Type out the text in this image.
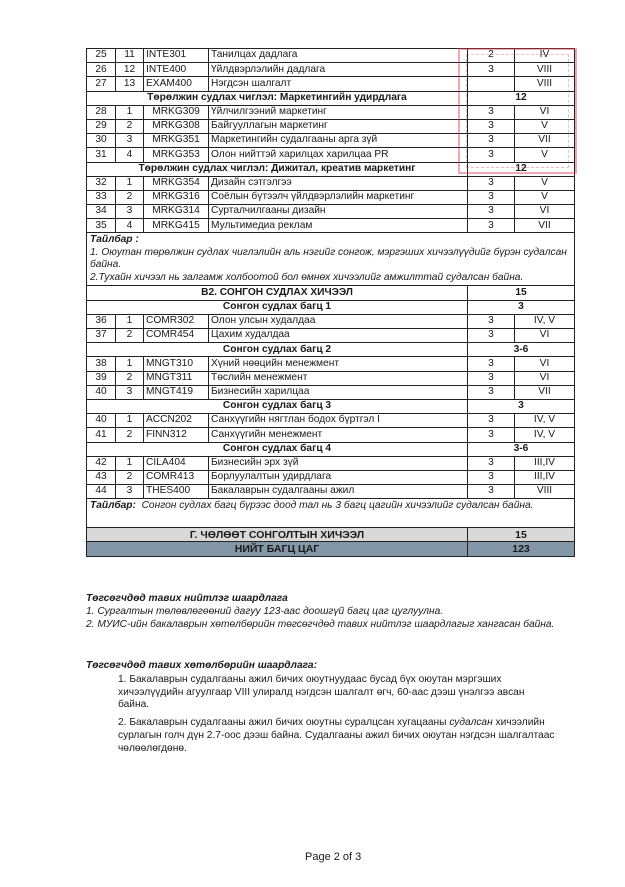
25	11	INTE301	Танилцах дадлага	2	IV
26	12	INTE400	Үйлдвэрлэлийн дадлага	3	VIII
27	13	EXAM400	Нэгдсэн шалгалт		VIII
Төрөлжин судлах чиглэл: Маркетингийн удирдлага				12	
28	1	MRKG309	Үйлчилгээний маркетинг	3	VI
29	2	MRKG308	Байгууллагын маркетинг	3	V
30	3	MRKG351	Маркетингийн судалгааны арга зүй	3	VII
31	4	MRKG353	Олон нийттэй харилцах харилцаа PR	3	V
Төрөлжин судлах чиглэл: Дижитал, креатив маркетинг				12	
32	1	MRKG354	Дизайн сэтгэлгээ	3	V
33	2	MRKG316	Соёлын бүтээлч үйлдвэрлэлийн маркетинг	3	V
34	3	MRKG314	Сурталчилгааны дизайн	3	VI
35	4	MRKG415	Мультимедиа реклам	3	VII
Тайлбар :
1. Оюутан төрөлжин судлах чиглэлийн аль нэгийг сонгож, мэргэших хичээлүүдийг бүрэн судалсан байна.
2.Тухайн хичээл нь залгамж холбоотой бол өмнөх хичээлийг амжилттай судалсан байна.					
В2. СОНГОН СУДЛАХ ХИЧЭЭЛ				15	
Сонгон судлах багц 1				3	
36	1	COMR302	Олон улсын худалдаа	3	IV, V
37	2	COMR454	Цахим худалдаа	3	VI
Сонгон судлах багц 2				3-6	
38	1	MNGT310	Хүний нөөцийн менежмент	3	VI
39	2	MNGT311	Төслийн менежмент	3	VI
40	3	MNGT419	Бизнесийн харилцаа	3	VII
Сонгон судлах багц 3				3	
40	1	ACCN202	Санхүүгийн нягтлан бодох бүртгэл I	3	IV, V
41	2	FINN312	Санхүүгийн менежмент	3	IV, V
Сонгон судлах багц 4				3-6	
42	1	CILA404	Бизнесийн эрх зүй	3	III,IV
43	2	COMR413	Борлуулалтын удирдлага	3	III,IV
44	3	THES400	Бакалаврын судалгааны ажил	3	VIII
Тайлбар: Сонгон судлах багц бүрээс доод тал нь 3 багц цагийн хичээлийг судалсан байна.					
Г. ЧӨЛӨӨТ СОНГОЛТЫН ХИЧЭЭЛ				15	
НИЙТ БАГЦ ЦАГ				123	
Төгсөгчдөд тавих нийтлэг шаардлага
1. Сургалтын төлөвлөгөөний дагуу 123-аас доошгүй багц цаг цуглуулна.
2. МУИС-ийн бакалаврын хөтөлбөрийн төгсөгчдөд тавих нийтлэг шаардлагыг хангасан байна.
Төгсөгчдөд тавих хөтөлбөрийн шаардлага:
1. Бакалаврын судалгааны ажил бичих оюутнуудаас бусад бүх оюутан мэргэших хичээлүүдийн агуулгаар VIII улиралд нэгдсэн шалгалт өгч, 60-аас дээш үнэлгээ авсан байна.
2. Бакалаврын судалгааны ажил бичих оюутны суралцсан хугацааны судалсан хичээлийн сурлагын голч дүн 2.7-оос дээш байна. Судалгааны ажил бичих оюутан нэгдсэн шалгалтаас чөлөөлөгдөнө.
Page 2 of 3
